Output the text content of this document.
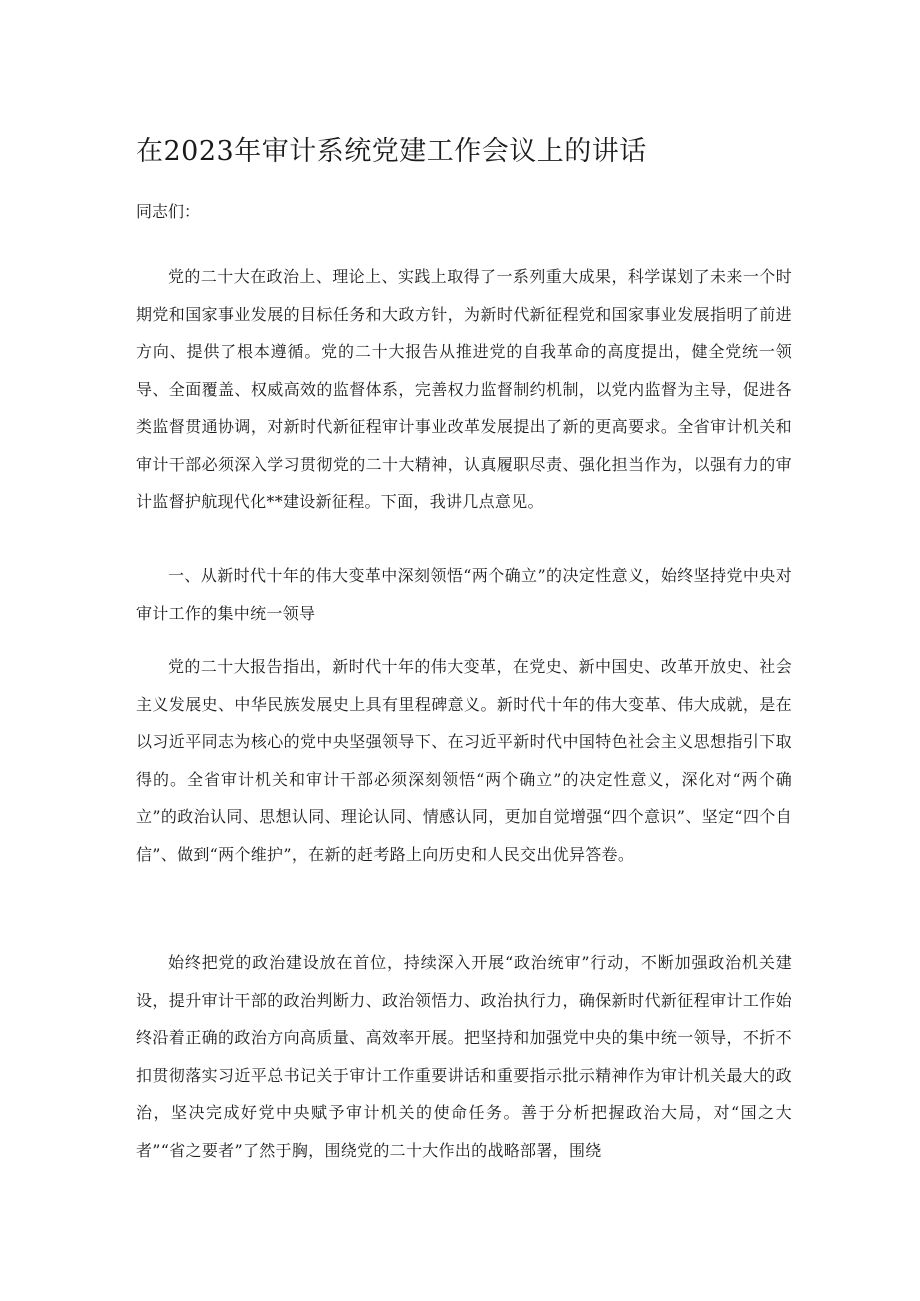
在2023年审计系统党建工作会议上的讲话
同志们：

党的二十大在政治上、理论上、实践上取得了一系列重大成果，科学谋划了未来一个时期党和国家事业发展的目标任务和大政方针，为新时代新征程党和国家事业发展指明了前进方向、提供了根本遵循。党的二十大报告从推进党的自我革命的高度提出，健全党统一领导、全面覆盖、权威高效的监督体系，完善权力监督制约机制，以党内监督为主导，促进各类监督贯通协调，对新时代新征程审计事业改革发展提出了新的更高要求。全省审计机关和审计干部必须深入学习贯彻党的二十大精神，认真履职尽责、强化担当作为，以强有力的审计监督护航现代化**建设新征程。下面，我讲几点意见。

一、从新时代十年的伟大变革中深刻领悟“两个确立”的决定性意义，始终坚持党中央对审计工作的集中统一领导

党的二十大报告指出，新时代十年的伟大变革，在党史、新中国史、改革开放史、社会主义发展史、中华民族发展史上具有里程碑意义。新时代十年的伟大变革、伟大成就，是在以习近平同志为核心的党中央坚强领导下、在习近平新时代中国特色社会主义思想指引下取得的。全省审计机关和审计干部必须深刻领悟“两个确立”的决定性意义，深化对“两个确立”的政治认同、思想认同、理论认同、情感认同，更加自觉增强“四个意识”、坚定“四个自信”、做到“两个维护”，在新的赶考路上向历史和人民交出优异答卷。

始终把党的政治建设放在首位，持续深入开展“政治统审”行动，不断加强政治机关建设，提升审计干部的政治判断力、政治领悟力、政治执行力，确保新时代新征程审计工作始终沿着正确的政治方向高质量、高效率开展。把坚持和加强党中央的集中统一领导，不折不扣贯彻落实习近平总书记关于审计工作重要讲话和重要指示批示精神作为审计机关最大的政治，坚决完成好党中央赋予审计机关的使命任务。善于分析把握政治大局，对“国之大者”“省之要者”了然于胸，围绕党的二十大作出的战略部署，围绕
